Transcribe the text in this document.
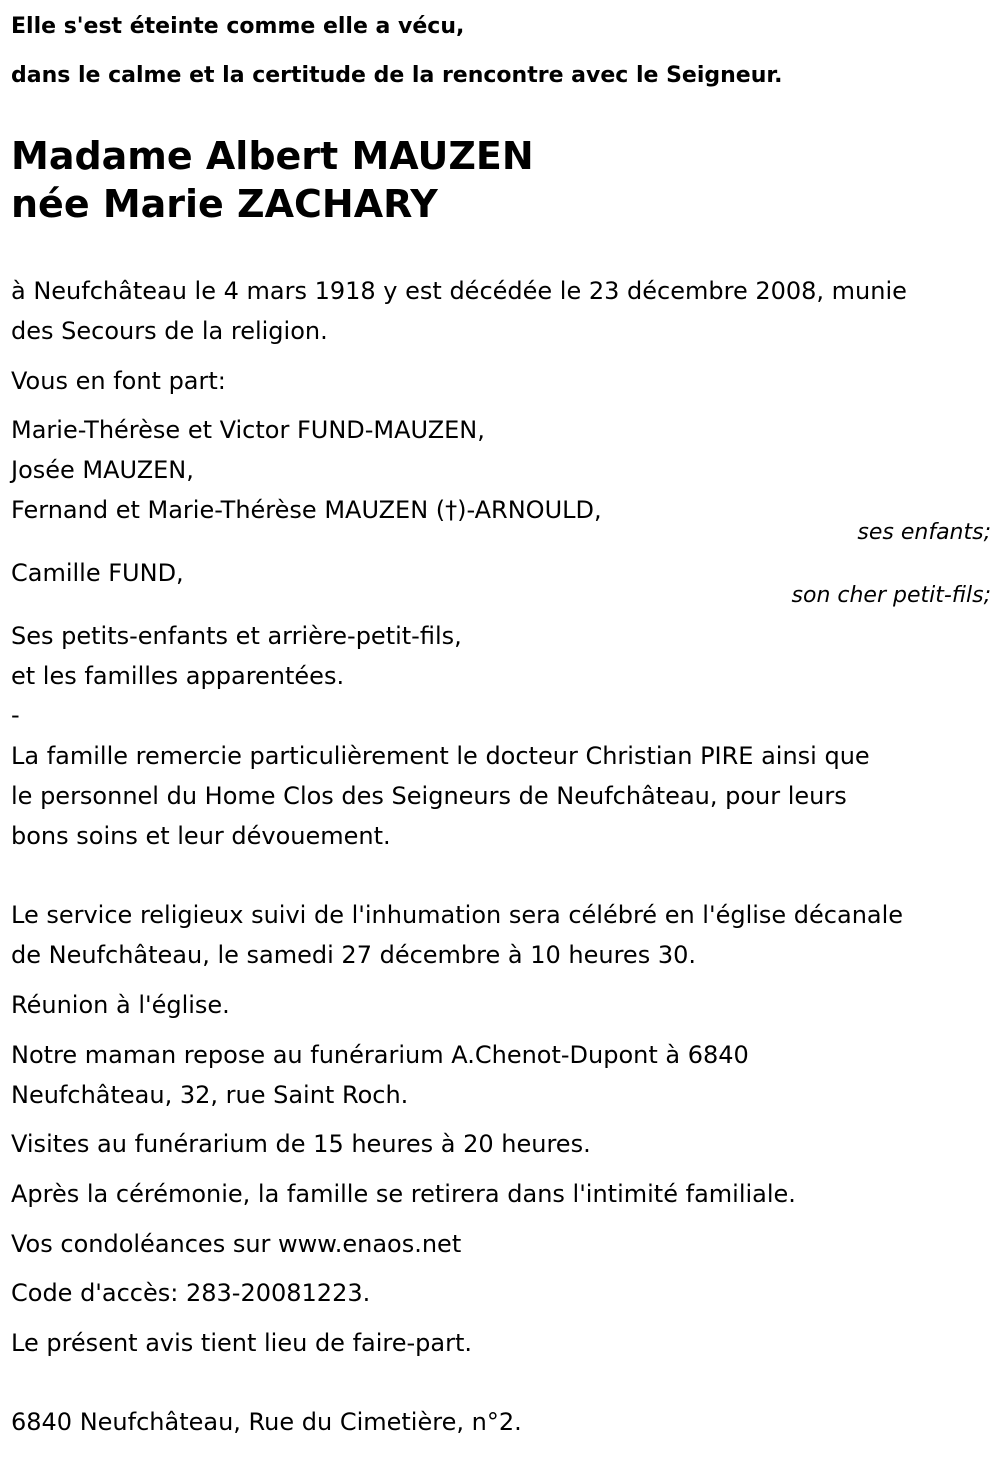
Elle s'est éteinte comme elle a vécu,
dans le calme et la certitude de la rencontre avec le Seigneur.
Madame Albert MAUZEN
née Marie ZACHARY
à Neufchâteau le 4 mars 1918 y est décédée le 23 décembre 2008, munie
des Secours de la religion.
Vous en font part:
Marie-Thérèse et Victor FUND-MAUZEN,
Josée MAUZEN,
Fernand et Marie-Thérèse MAUZEN (†)-ARNOULD,
ses enfants;
Camille FUND,
son cher petit-fils;
Ses petits-enfants et arrière-petit-fils,
et les familles apparentées.
-
La famille remercie particulièrement le docteur Christian PIRE ainsi que
le personnel du Home Clos des Seigneurs de Neufchâteau, pour leurs
bons soins et leur dévouement.
Le service religieux suivi de l'inhumation sera célébré en l'église décanale
de Neufchâteau, le samedi 27 décembre à 10 heures 30.
Réunion à l'église.
Notre maman repose au funérarium A.Chenot-Dupont à 6840
Neufchâteau, 32, rue Saint Roch.
Visites au funérarium de 15 heures à 20 heures.
Après la cérémonie, la famille se retirera dans l'intimité familiale.
Vos condoléances sur www.enaos.net
Code d'accès: 283-20081223.
Le présent avis tient lieu de faire-part.
6840 Neufchâteau, Rue du Cimetière, n°2.
